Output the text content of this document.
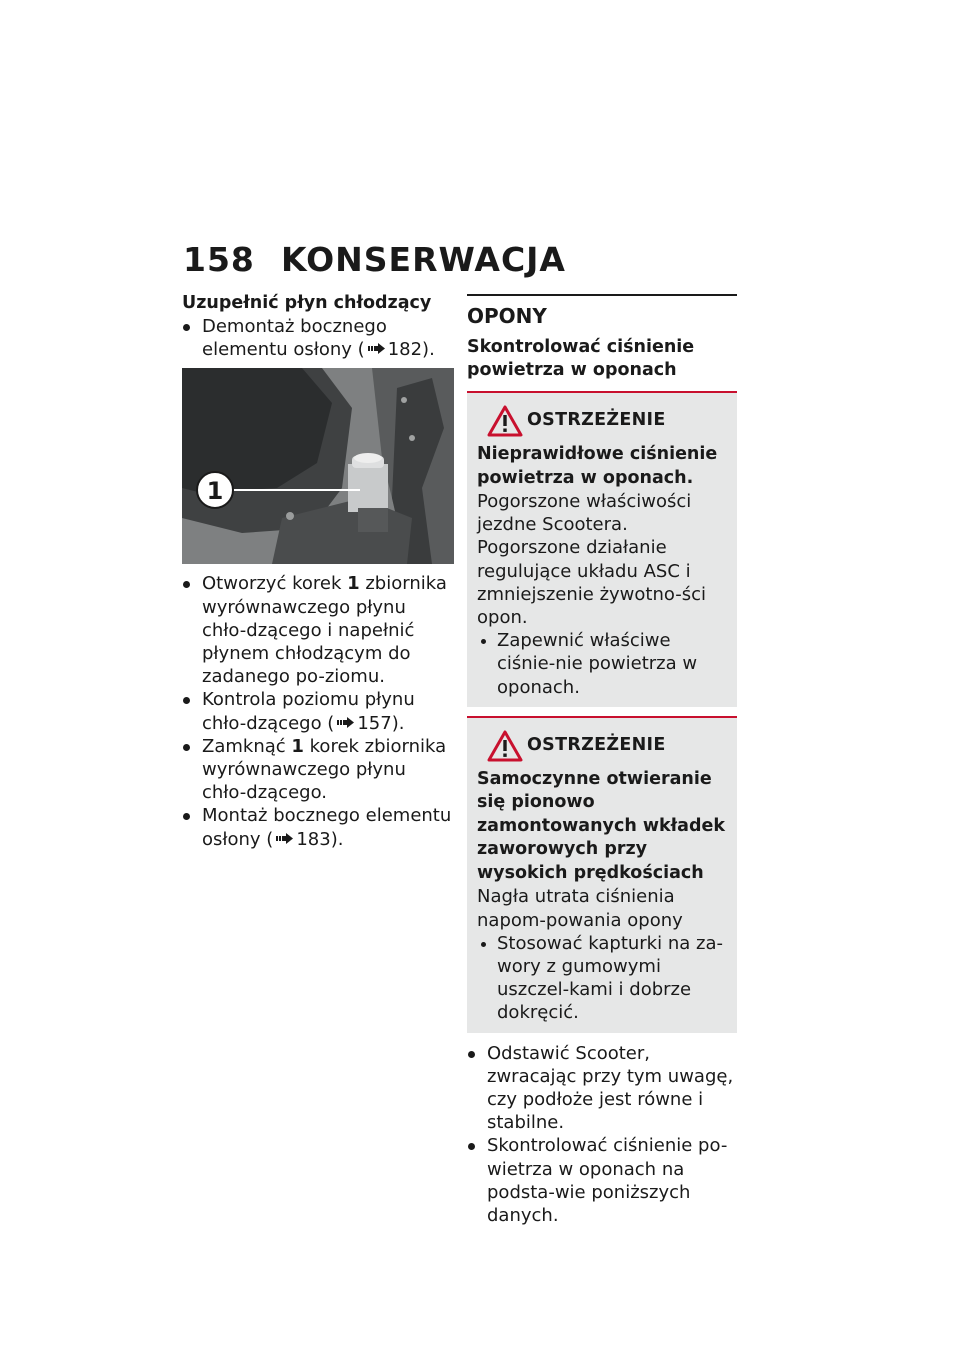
158 KONSERWACJA

Uzupełnić płyn chłodzący

Demontaż bocznego elementu osłony ( 182).

1

Otworzyć korek 1 zbiornika wyrównawczego płynu chło-dzącego i napełnić płynem chłodzącym do zadanego po-ziomu.

Kontrola poziomu płynu chło-dzącego ( 157).

Zamknąć 1 korek zbiornika wyrównawczego płynu chło-dzącego.

Montaż bocznego elementu osłony ( 183).

OPONY

Skontrolować ciśnienie powietrza w oponach

OSTRZEŻENIE

Nieprawidłowe ciśnienie powietrza w oponach.

Pogorszone właściwości jezdne Scootera. Pogorszone działanie regulujące układu ASC i zmniejszenie żywotno-ści opon.

Zapewnić właściwe ciśnie-nie powietrza w oponach.

OSTRZEŻENIE

Samoczynne otwieranie się pionowo zamontowanych wkładek zaworowych przy wysokich prędkościach

Nagła utrata ciśnienia napom-powania opony

Stosować kapturki na za-wory z gumowymi uszczel-kami i dobrze dokręcić.

Odstawić Scooter, zwracając przy tym uwagę, czy podłoże jest równe i stabilne.

Skontrolować ciśnienie po-wietrza w oponach na podsta-wie poniższych danych.
